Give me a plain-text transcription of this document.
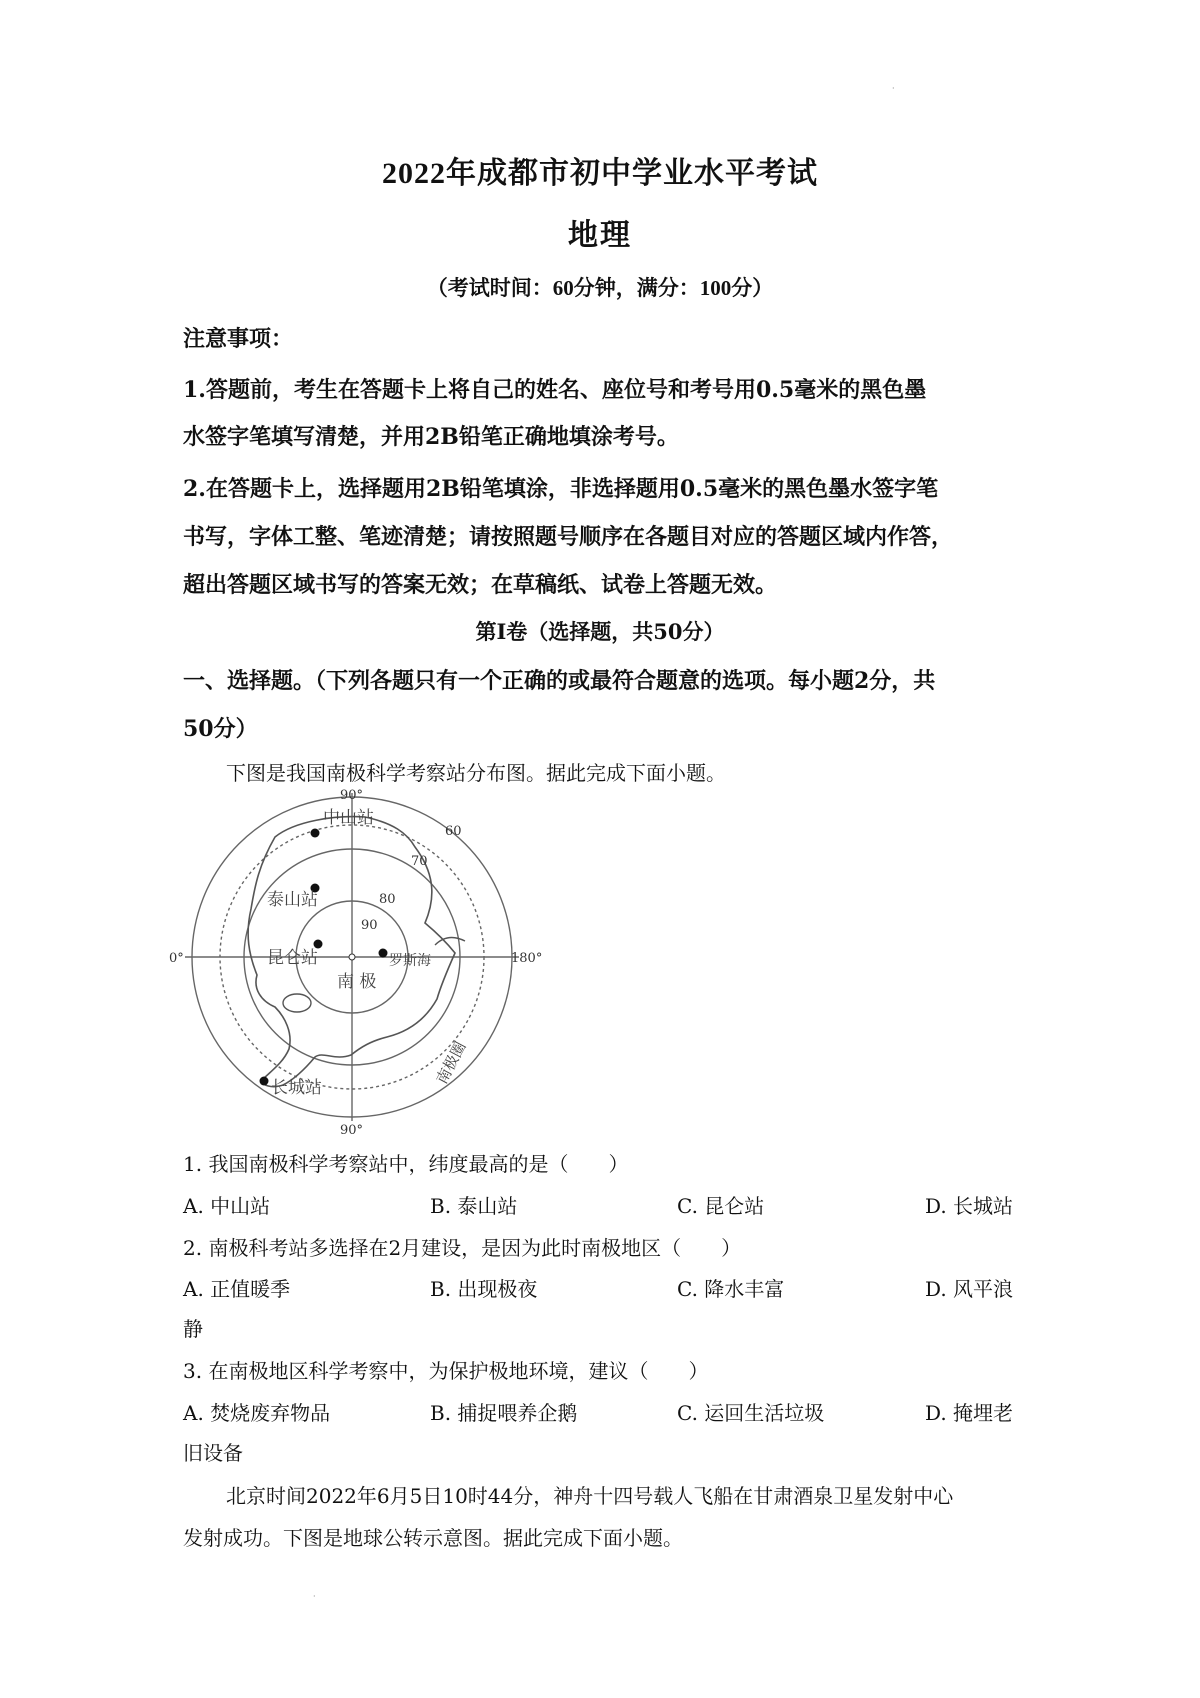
·
2022年成都市初中学业水平考试
地理
（考试时间：60分钟，满分：100分）
注意事项：
1.答题前，考生在答题卡上将自己的姓名、座位号和考号用0.5毫米的黑色墨
水签字笔填写清楚，并用2B铅笔正确地填涂考号。
2.在答题卡上，选择题用2B铅笔填涂，非选择题用0.5毫米的黑色墨水签字笔
书写，字体工整、笔迹清楚；请按照题号顺序在各题目对应的答题区域内作答，
超出答题区域书写的答案无效；在草稿纸、试卷上答题无效。
第Ⅰ卷（选择题，共50分）
一、选择题。（下列各题只有一个正确的或最符合题意的选项。每小题2分，共
50分）
下图是我国南极科学考察站分布图。据此完成下面小题。
90°
90°
0°	180°
60
70
80
90
中山站
泰山站
昆仑站	罗斯海
南 极
长城站
南极圈
1. 我国南极科学考察站中，纬度最高的是（　　）
A. 中山站	B. 泰山站	C. 昆仑站	D. 长城站
2. 南极科考站多选择在2月建设，是因为此时南极地区（　　）
A. 正值暖季	B. 出现极夜	C. 降水丰富	D. 风平浪
静
3. 在南极地区科学考察中，为保护极地环境，建议（　　）
A. 焚烧废弃物品	B. 捕捉喂养企鹅	C. 运回生活垃圾	D. 掩埋老
旧设备
北京时间2022年6月5日10时44分，神舟十四号载人飞船在甘肃酒泉卫星发射中心
发射成功。下图是地球公转示意图。据此完成下面小题。
·
